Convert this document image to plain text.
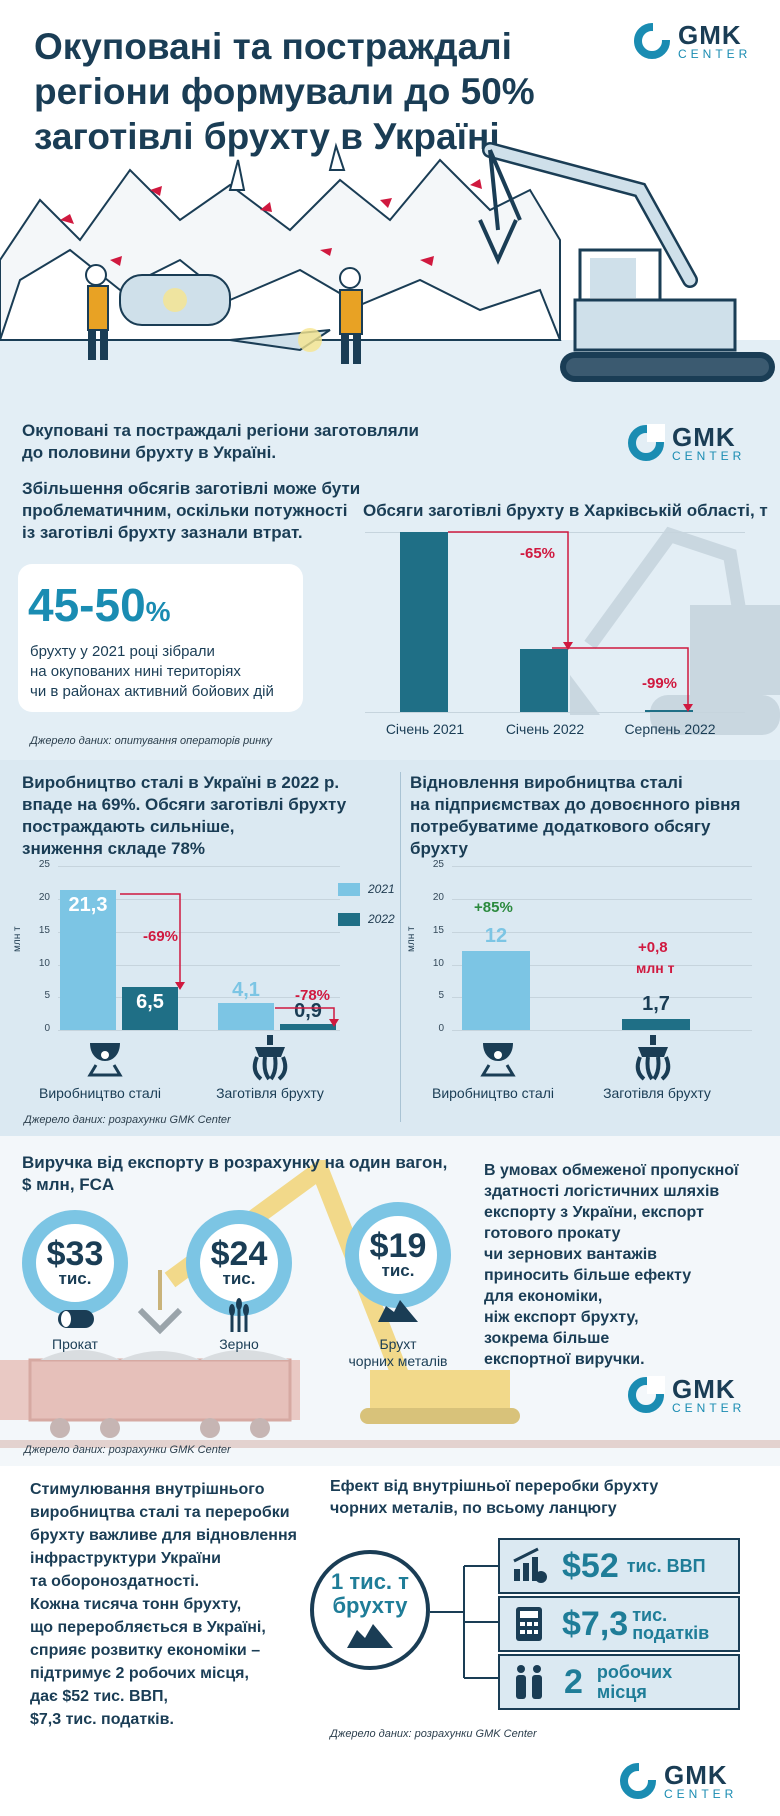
Окуповані та постраждалі
регіони формували до 50%
заготівлі брухту в Україні
GMK
CENTER
Окуповані та постраждалі регіони заготовляли
до половини брухту в Україні.
GMK
CENTER
Збільшення обсягів заготівлі може бути
проблематичним, оскільки потужності
із заготівлі брухту зазнали втрат.
45-50%
брухту у 2021 році зібрали
на окупованих нині територіях
чи в районах активний бойових дій
Джерело даних: опитування операторів ринку
Обсяги заготівлі брухту в Харківській області, т
Січень 2021	Січень 2022	Серпень 2022
-65%
-99%
Виробництво сталі в Україні в 2022 р.
впаде на 69%. Обсяги заготівлі брухту
постраждають сильніше,
зниження складе 78%
Відновлення виробництва сталі
на підприємствах до довоєнного рівня
потребуватиме додаткового обсягу брухту
0
5
10
15
20
25
21,3
4,1
6,5	0,9
млн т
2021
2022
-69%
-78%
Виробництво сталі	Заготівля брухту
0
5
10
15
20
25
12
1,7
млн т
+85%
+0,8
млн т
Виробництво сталі	Заготівля брухту
Джерело даних: розрахунки GMK Center
Виручка від експорту в розрахунку на один вагон,
$ млн, FCA
В умовах обмеженої пропускної
здатності логістичних шляхів
експорту з України, експорт
готового прокату
чи зернових вантажів
приносить більше ефекту
для економіки,
ніж експорт брухту,
зокрема більше
експортної виручки.
$33
тис.
Прокат
$24
тис.
Зерно
$19
тис.
Брухт
чорних металів
GMK
CENTER
Джерело даних: розрахунки GMK Center
Стимулювання внутрішнього
виробництва сталі та переробки
брухту важливе для відновлення
інфраструктури України
та обороноздатності.
Кожна тисяча тонн брухту,
що переробляється в Україні,
сприяє розвитку економіки –
підтримує 2 робочих місця,
дає $52 тис. ВВП,
$7,3 тис. податків.
Ефект від внутрішньої переробки брухту
чорних металів, по всьому ланцюгу
1 тис. т
брухту
$52 тис. ВВП
$7,3 тис.
податків
2 робочих
місця
Джерело даних: розрахунки GMK Center
GMK
CENTER
